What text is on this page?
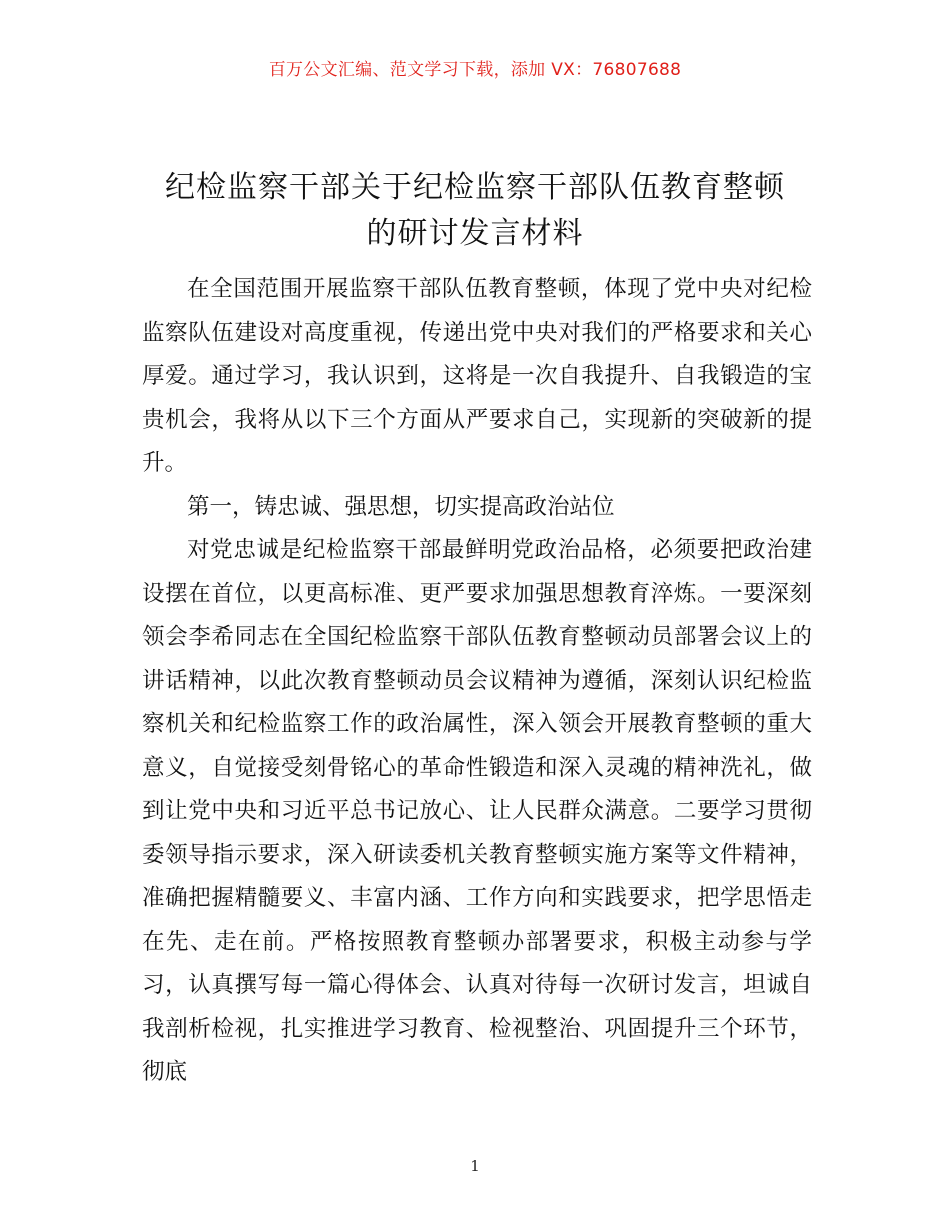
百万公文汇编、范文学习下载，添加 VX：76807688
纪检监察干部关于纪检监察干部队伍教育整顿
的研讨发言材料

在全国范围开展监察干部队伍教育整顿，体现了党中央对纪检监察队伍建设对高度重视，传递出党中央对我们的严格要求和关心厚爱。通过学习，我认识到，这将是一次自我提升、自我锻造的宝贵机会，我将从以下三个方面从严要求自己，实现新的突破新的提升。

第一，铸忠诚、强思想，切实提高政治站位

对党忠诚是纪检监察干部最鲜明党政治品格，必须要把政治建设摆在首位，以更高标准、更严要求加强思想教育淬炼。一要深刻领会李希同志在全国纪检监察干部队伍教育整顿动员部署会议上的讲话精神，以此次教育整顿动员会议精神为遵循，深刻认识纪检监察机关和纪检监察工作的政治属性，深入领会开展教育整顿的重大意义，自觉接受刻骨铭心的革命性锻造和深入灵魂的精神洗礼，做到让党中央和习近平总书记放心、让人民群众满意。二要学习贯彻委领导指示要求，深入研读委机关教育整顿实施方案等文件精神，准确把握精髓要义、丰富内涵、工作方向和实践要求，把学思悟走在先、走在前。严格按照教育整顿办部署要求，积极主动参与学习，认真撰写每一篇心得体会、认真对待每一次研讨发言，坦诚自我剖析检视，扎实推进学习教育、检视整治、巩固提升三个环节，彻底

1
